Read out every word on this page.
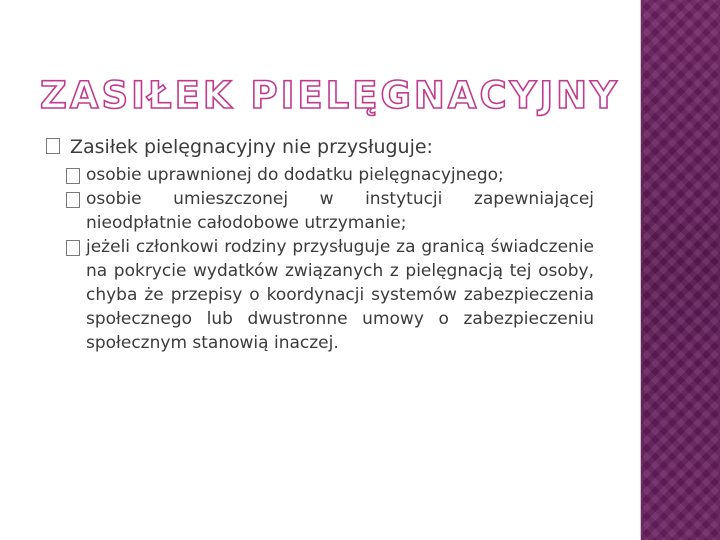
ZASIŁEK PIELĘGNACYJNY
Zasiłek pielęgnacyjny nie przysługuje:
osobie uprawnionej do dodatku pielęgnacyjnego;
osobie umieszczonej w instytucji zapewniającej nieodpłatnie całodobowe utrzymanie;
jeżeli członkowi rodziny przysługuje za granicą świadczenie na pokrycie wydatków związanych z pielęgnacją tej osoby, chyba że przepisy o koordynacji systemów zabezpieczenia społecznego lub dwustronne umowy o zabezpieczeniu społecznym stanowią inaczej.
